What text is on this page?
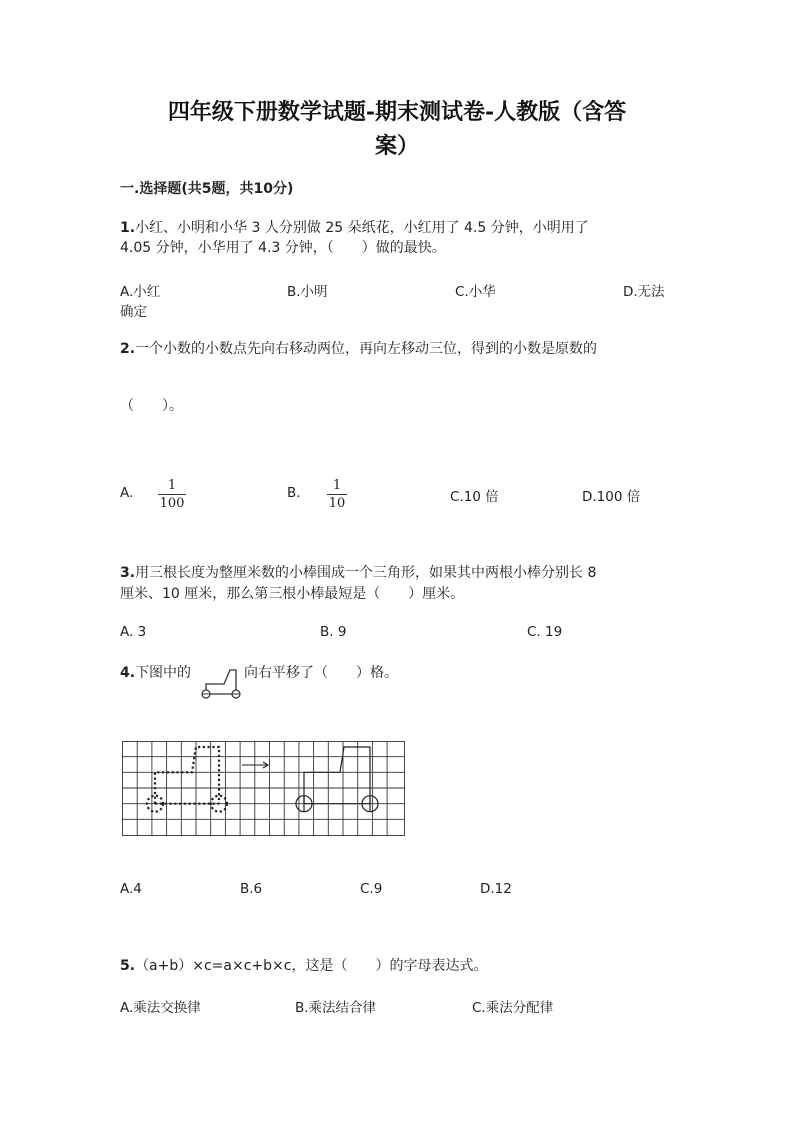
四年级下册数学试题-期末测试卷-人教版（含答
案）
一.选择题(共5题，共10分)
1.小红、小明和小华 3 人分别做 25 朵纸花，小红用了 4.5 分钟，小明用了
4.05 分钟，小华用了 4.3 分钟，（　　）做的最快。
A.小红	B.小明	C.小华	D.无法
确定
2.一个小数的小数点先向右移动两位，再向左移动三位，得到的小数是原数的
（　　）。
A.	1
100
B.	1
10	C.10 倍	D.100 倍
3.用三根长度为整厘米数的小棒围成一个三角形，如果其中两根小棒分别长 8
厘米、10 厘米，那么第三根小棒最短是（　　）厘米。
A. 3	B. 9	C. 19
4.下图中的	向右平移了（　　）格。
A.4	B.6	C.9	D.12
5.（a+b）×c=a×c+b×c，这是（　　）的字母表达式。
A.乘法交换律	B.乘法结合律	C.乘法分配律
